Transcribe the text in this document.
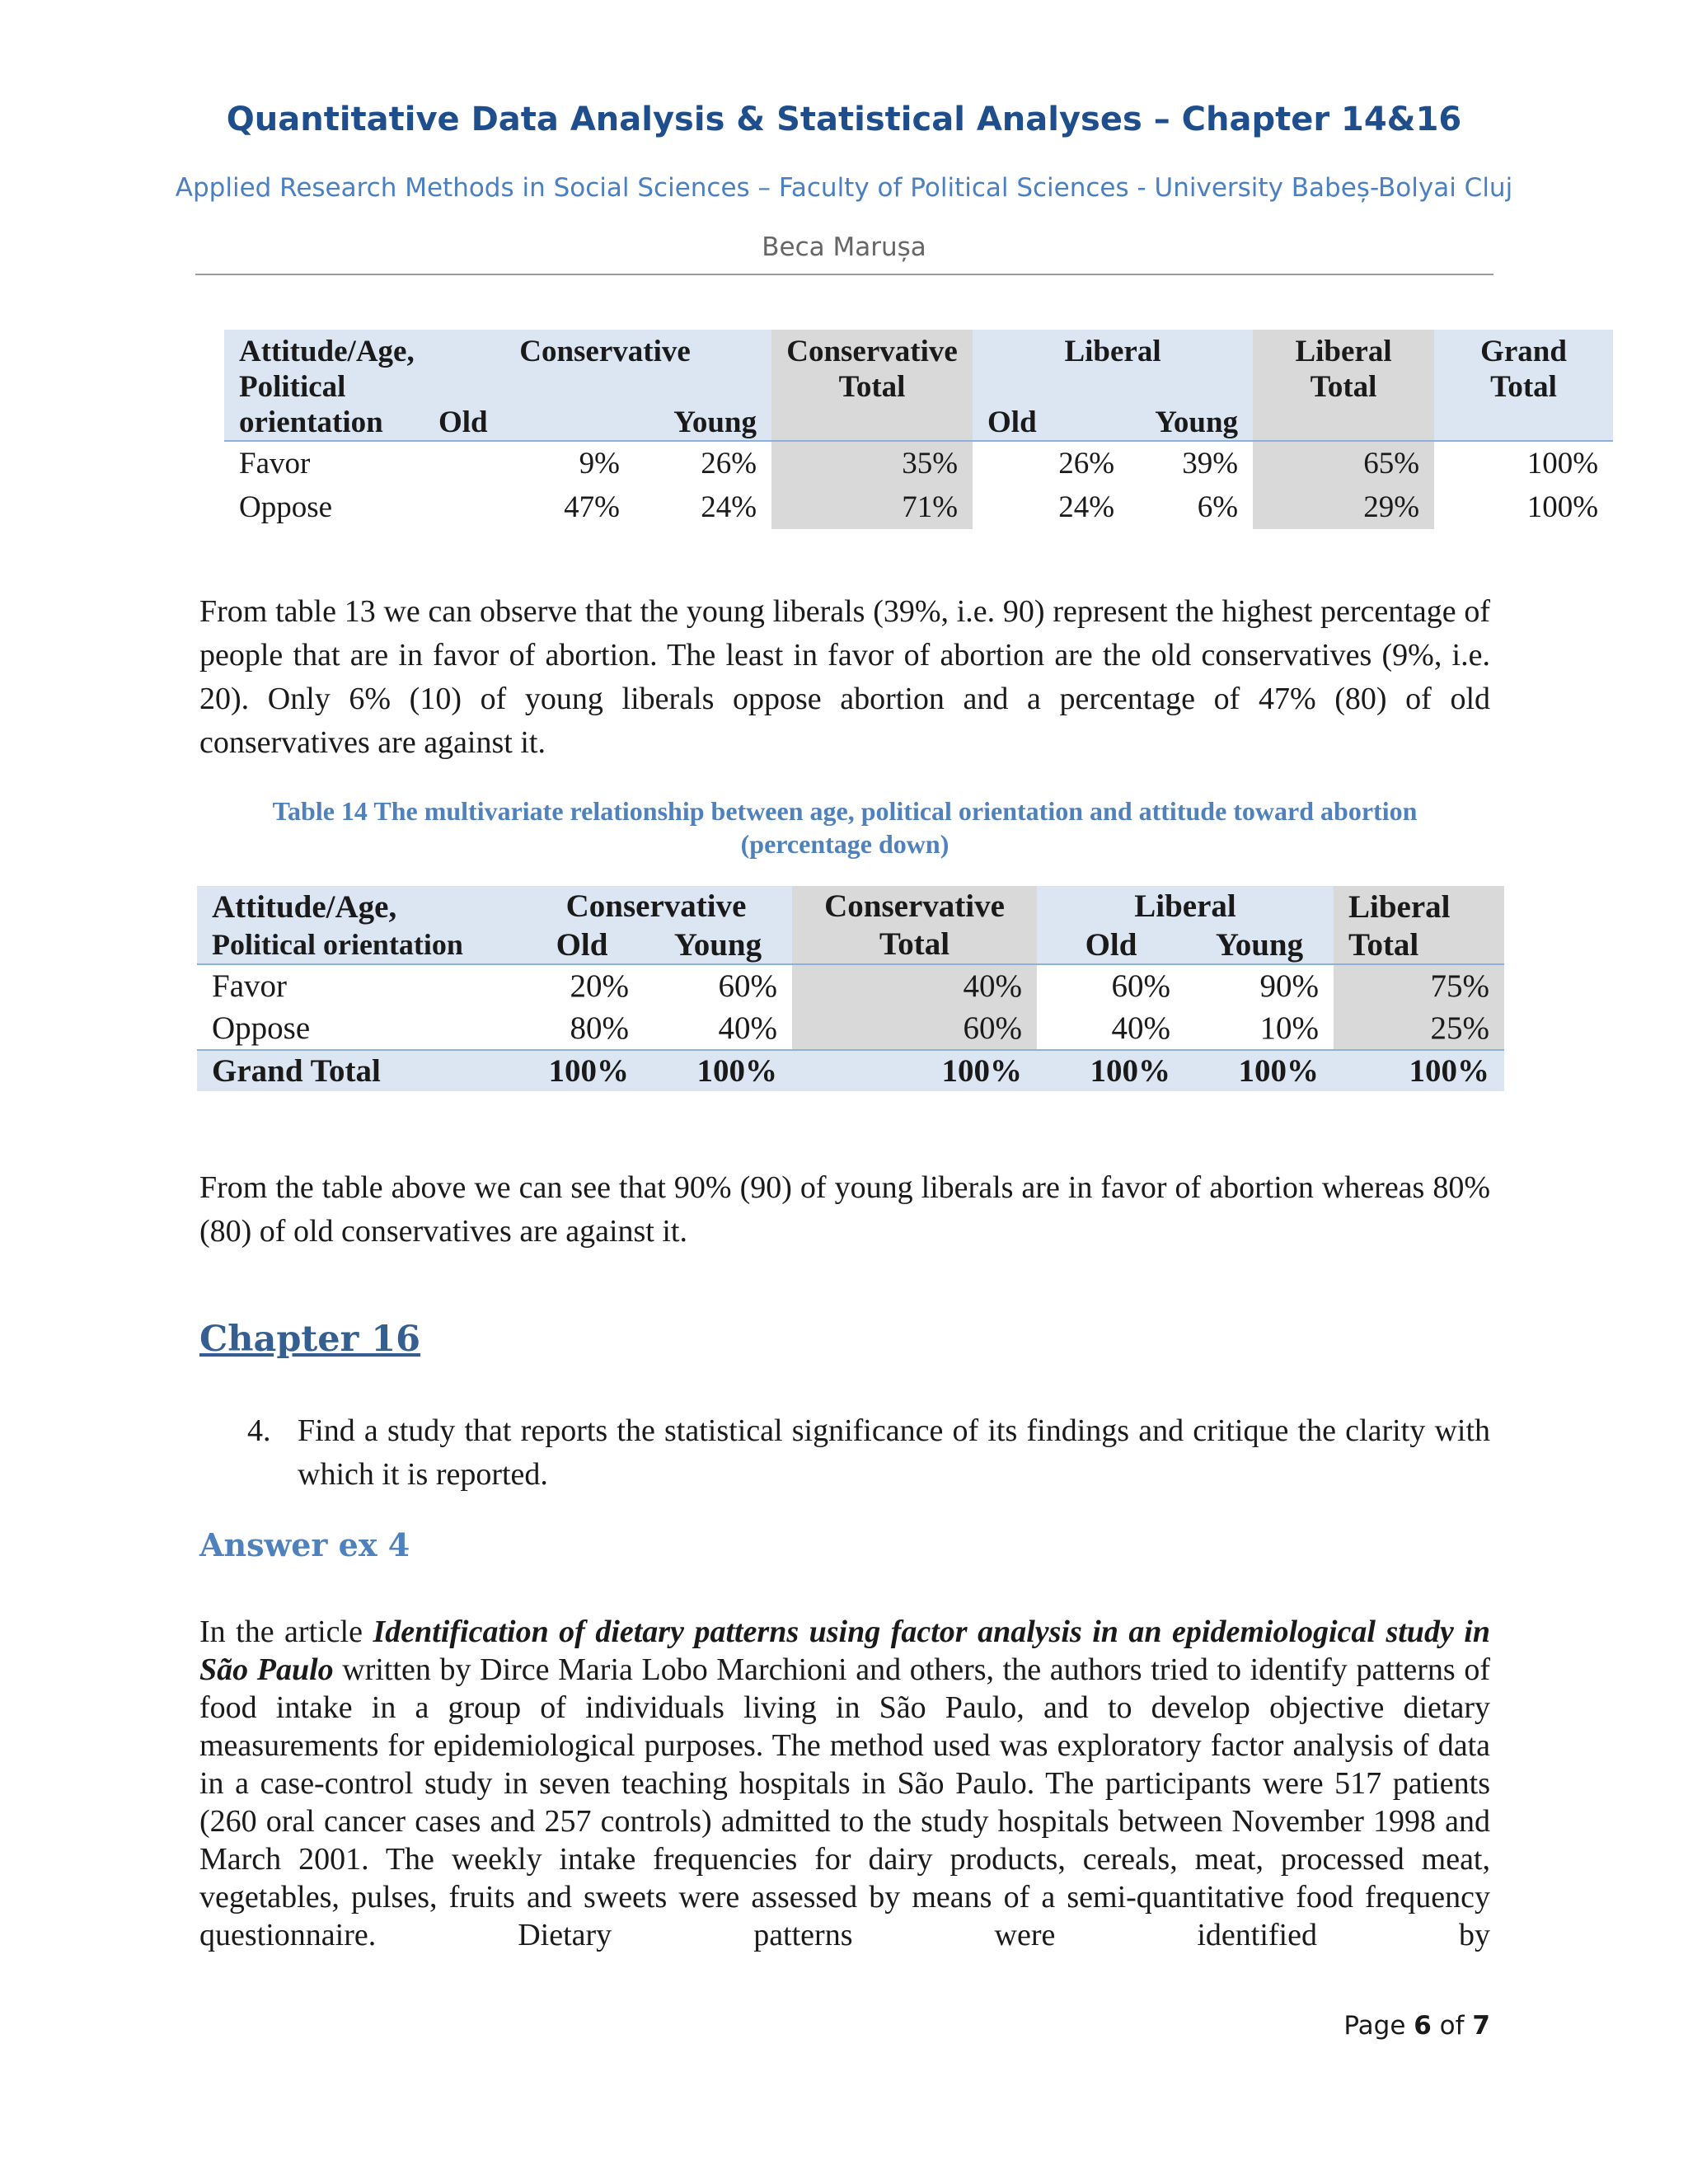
Quantitative Data Analysis & Statistical Analyses – Chapter 14&16
Applied Research Methods in Social Sciences – Faculty of Political Sciences - University Babeș-Bolyai Cluj
Beca Marușa
Attitude/Age,	Conservative		Conservative	Liberal		Liberal	Grand
Political			Total			Total	Total
orientation	Old	Young		Old	Young		
Favor	9%	26%	35%	26%	39%	65%	100%
Oppose	47%	24%	71%	24%	6%	29%	100%

From table 13 we can observe that the young liberals (39%, i.e. 90) represent the highest percentage of people that are in favor of abortion. The least in favor of abortion are the old conservatives (9%, i.e. 20). Only 6% (10) of young liberals oppose abortion and a percentage of 47% (80) of old conservatives are against it.

Table 14 The multivariate relationship between age, political orientation and attitude toward abortion
(percentage down)
Attitude/Age,	Conservative		Conservative	Liberal		Liberal
Political orientation	Old	Young	Total	Old	Young	Total
Favor	20%	60%	40%	60%	90%	75%
Oppose	80%	40%	60%	40%	10%	25%
Grand Total	100%	100%	100%	100%	100%	100%

From the table above we can see that 90% (90) of young liberals are in favor of abortion whereas 80% (80) of old conservatives are against it.

Chapter 16
4. Find a study that reports the statistical significance of its findings and critique the clarity with which it is reported.
Answer ex 4

In the article Identification of dietary patterns using factor analysis in an epidemiological study in São Paulo written by Dirce Maria Lobo Marchioni and others, the authors tried to identify patterns of food intake in a group of individuals living in São Paulo, and to develop objective dietary measurements for epidemiological purposes. The method used was exploratory factor analysis of data in a case-control study in seven teaching hospitals in São Paulo. The participants were 517 patients (260 oral cancer cases and 257 controls) admitted to the study hospitals between November 1998 and March 2001. The weekly intake frequencies for dairy products, cereals, meat, processed meat, vegetables, pulses, fruits and sweets were assessed by means of a semi-quantitative food frequency questionnaire. Dietary patterns were identified by

Page 6 of 7
